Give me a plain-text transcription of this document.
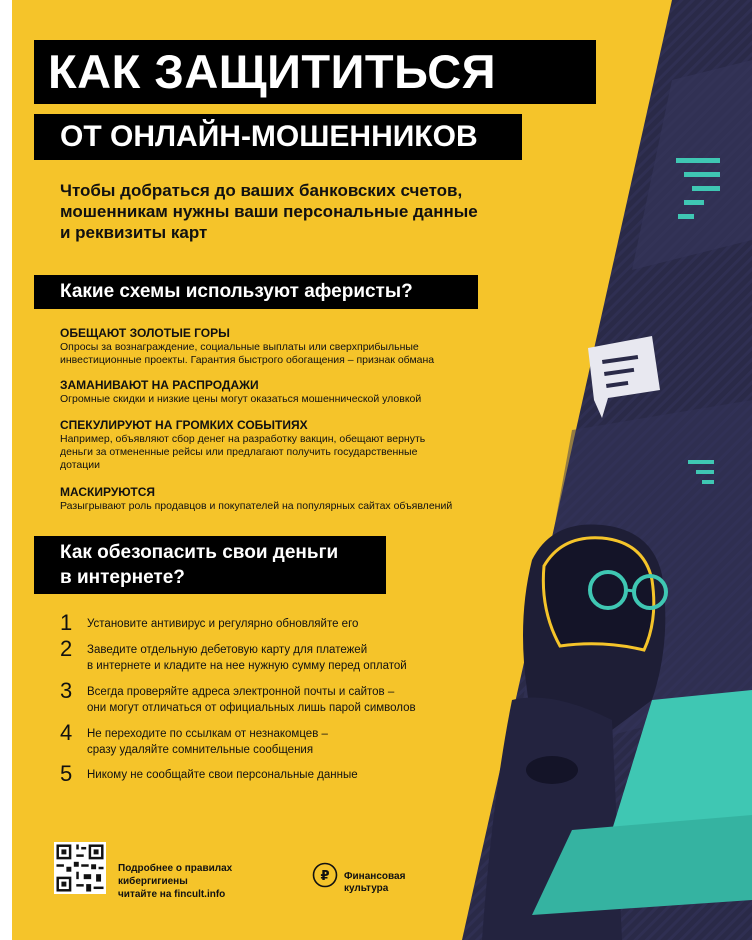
КАК ЗАЩИТИТЬСЯ
ОТ ОНЛАЙН-МОШЕННИКОВ
Чтобы добраться до ваших банковских счетов,
мошенникам нужны ваши персональные данные
и реквизиты карт
Какие схемы используют аферисты?
ОБЕЩАЮТ ЗОЛОТЫЕ ГОРЫ
Опросы за вознаграждение, социальные выплаты или сверхприбыльные
инвестиционные проекты. Гарантия быстрого обогащения – признак обмана
ЗАМАНИВАЮТ НА РАСПРОДАЖИ
Огромные скидки и низкие цены могут оказаться мошеннической уловкой
СПЕКУЛИРУЮТ НА ГРОМКИХ СОБЫТИЯХ
Например, объявляют сбор денег на разработку вакцин, обещают вернуть
деньги за отмененные рейсы или предлагают получить государственные
дотации
МАСКИРУЮТСЯ
Разыгрывают роль продавцов и покупателей на популярных сайтах объявлений
Как обезопасить свои деньги
в интернете?
1	Установите антивирус и регулярно обновляйте его
2	Заведите отдельную дебетовую карту для платежей
в интернете и кладите на нее нужную сумму перед оплатой
3	Всегда проверяйте адреса электронной почты и сайтов –
они могут отличаться от официальных лишь парой символов
4	Не переходите по ссылкам от незнакомцев –
сразу удаляйте сомнительные сообщения
5	Никому не сообщайте свои персональные данные
Подробнее о правилах
кибергигиены
читайте на fincult.info
₽ Финансовая
культура
